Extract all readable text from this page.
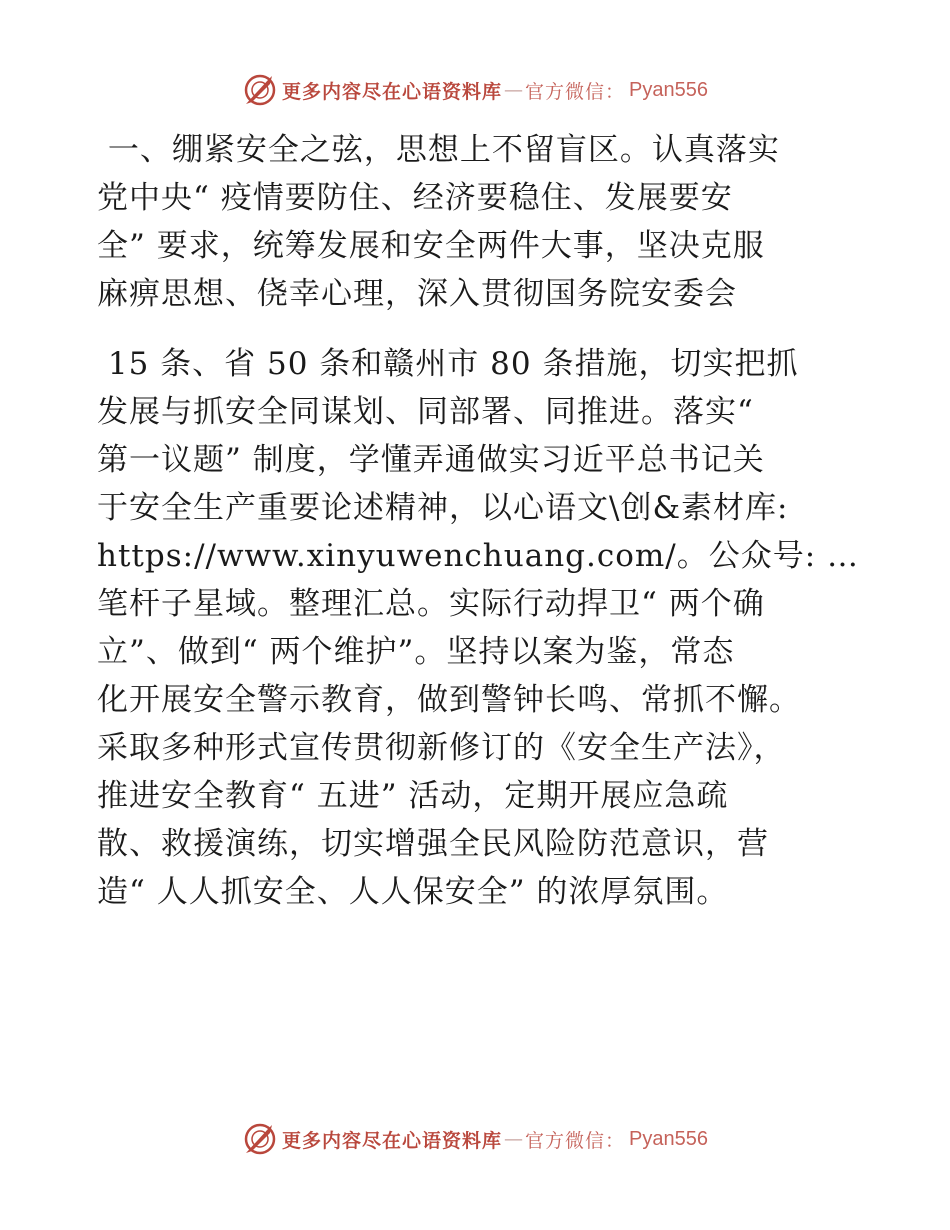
更多内容尽在心语资料库 — 官方微信： Pyan556
一、绷紧安全之弦，思想上不留盲区。认真落实
党中央“ 疫情要防住、经济要稳住、发展要安
全” 要求，统筹发展和安全两件大事，坚决克服
麻痹思想、侥幸心理，深入贯彻国务院安委会
15 条、省 50 条和赣州市 80 条措施，切实把抓
发展与抓安全同谋划、同部署、同推进。落实“
第一议题” 制度，学懂弄通做实习近平总书记关
于安全生产重要论述精神，以心语文\创&素材库:
https://www.xinyuwenchuang.com/。公众号: …
笔杆子星域。整理汇总。实际行动捍卫“ 两个确
立”、做到“ 两个维护”。坚持以案为鉴，常态
化开展安全警示教育，做到警钟长鸣、常抓不懈。
采取多种形式宣传贯彻新修订的《安全生产法》，
推进安全教育“ 五进” 活动，定期开展应急疏
散、救援演练，切实增强全民风险防范意识，营
造“ 人人抓安全、人人保安全” 的浓厚氛围。
更多内容尽在心语资料库 — 官方微信： Pyan556
